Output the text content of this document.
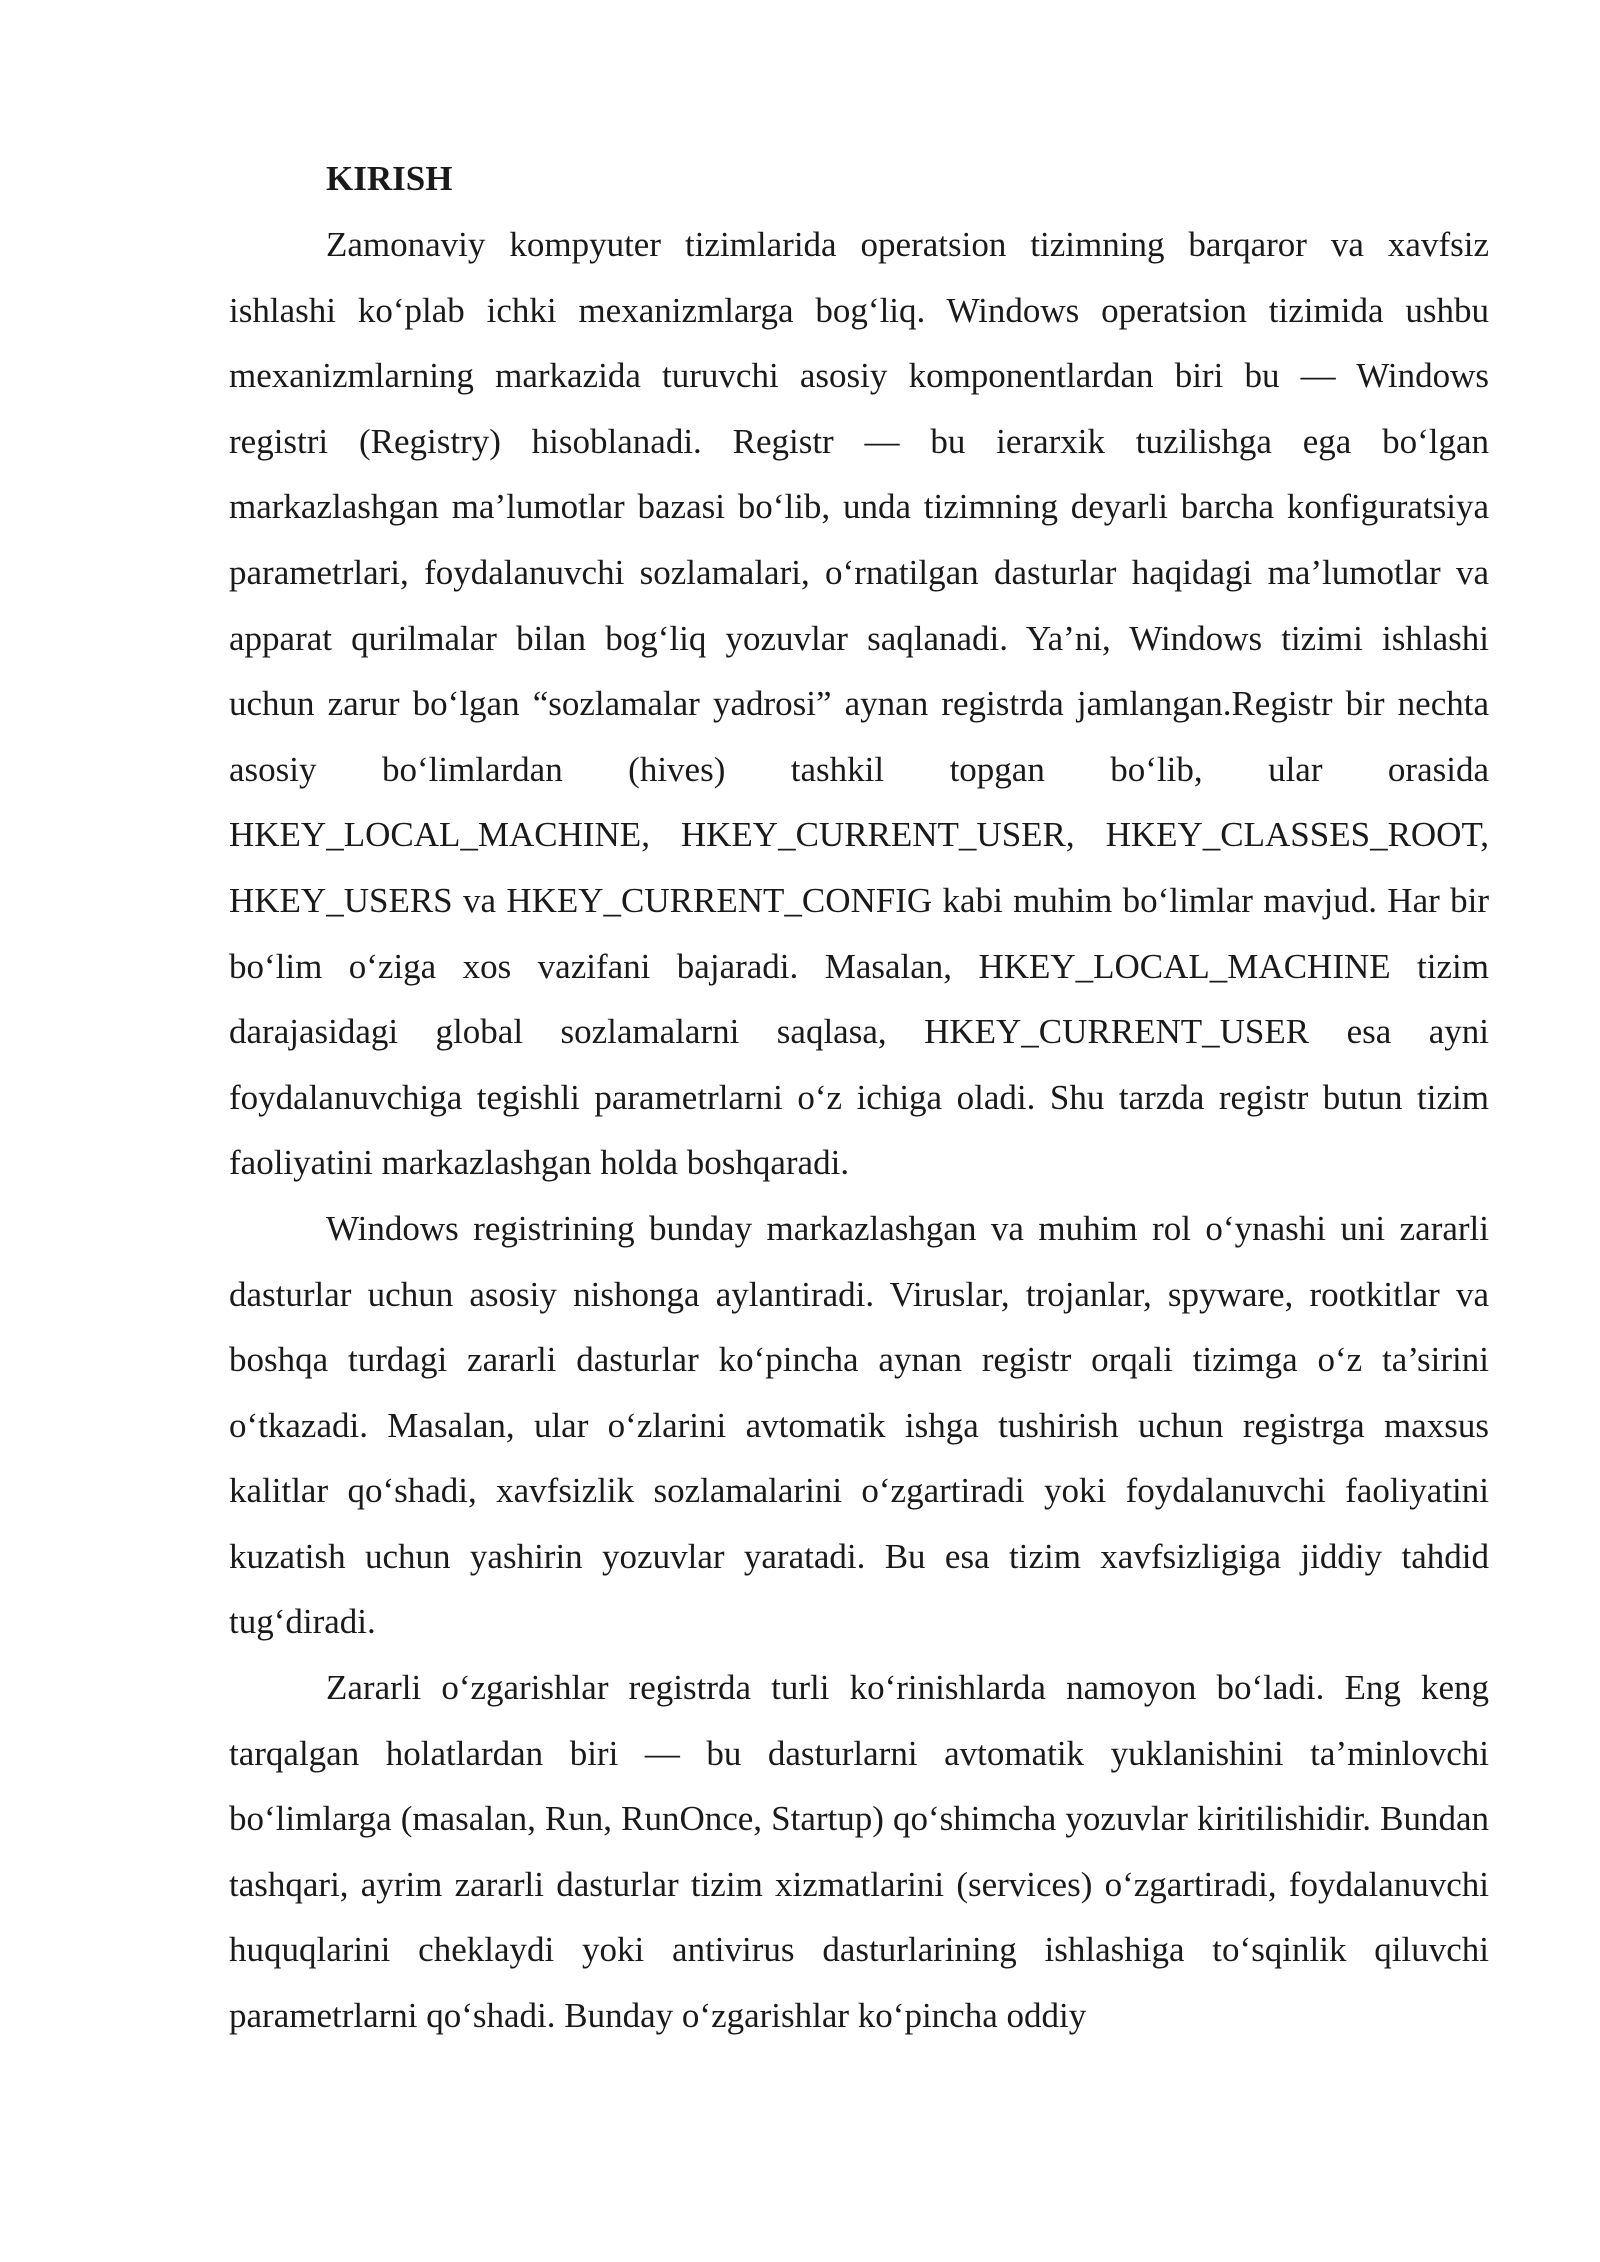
KIRISH

Zamonaviy kompyuter tizimlarida operatsion tizimning barqaror va xavfsiz ishlashi ko‘plab ichki mexanizmlarga bog‘liq. Windows operatsion tizimida ushbu mexanizmlarning markazida turuvchi asosiy komponentlardan biri bu — Windows registri (Registry) hisoblanadi. Registr — bu ierarxik tuzilishga ega bo‘lgan markazlashgan ma’lumotlar bazasi bo‘lib, unda tizimning deyarli barcha konfiguratsiya parametrlari, foydalanuvchi sozlamalari, o‘rnatilgan dasturlar haqidagi ma’lumotlar va apparat qurilmalar bilan bog‘liq yozuvlar saqlanadi. Ya’ni, Windows tizimi ishlashi uchun zarur bo‘lgan “sozlamalar yadrosi” aynan registrda jamlangan.Registr bir nechta asosiy bo‘limlardan (hives) tashkil topgan bo‘lib, ular orasida HKEY_LOCAL_MACHINE, HKEY_CURRENT_USER, HKEY_CLASSES_ROOT, HKEY_USERS va HKEY_CURRENT_CONFIG kabi muhim bo‘limlar mavjud. Har bir bo‘lim o‘ziga xos vazifani bajaradi. Masalan, HKEY_LOCAL_MACHINE tizim darajasidagi global sozlamalarni saqlasa, HKEY_CURRENT_USER esa ayni foydalanuvchiga tegishli parametrlarni o‘z ichiga oladi. Shu tarzda registr butun tizim faoliyatini markazlashgan holda boshqaradi.

Windows registrining bunday markazlashgan va muhim rol o‘ynashi uni zararli dasturlar uchun asosiy nishonga aylantiradi. Viruslar, trojanlar, spyware, rootkitlar va boshqa turdagi zararli dasturlar ko‘pincha aynan registr orqali tizimga o‘z ta’sirini o‘tkazadi. Masalan, ular o‘zlarini avtomatik ishga tushirish uchun registrga maxsus kalitlar qo‘shadi, xavfsizlik sozlamalarini o‘zgartiradi yoki foydalanuvchi faoliyatini kuzatish uchun yashirin yozuvlar yaratadi. Bu esa tizim xavfsizligiga jiddiy tahdid tug‘diradi.

Zararli o‘zgarishlar registrda turli ko‘rinishlarda namoyon bo‘ladi. Eng keng tarqalgan holatlardan biri — bu dasturlarni avtomatik yuklanishini ta’minlovchi bo‘limlarga (masalan, Run, RunOnce, Startup) qo‘shimcha yozuvlar kiritilishidir. Bundan tashqari, ayrim zararli dasturlar tizim xizmatlarini (services) o‘zgartiradi, foydalanuvchi huquqlarini cheklaydi yoki antivirus dasturlarining ishlashiga to‘sqinlik qiluvchi parametrlarni qo‘shadi. Bunday o‘zgarishlar ko‘pincha oddiy
